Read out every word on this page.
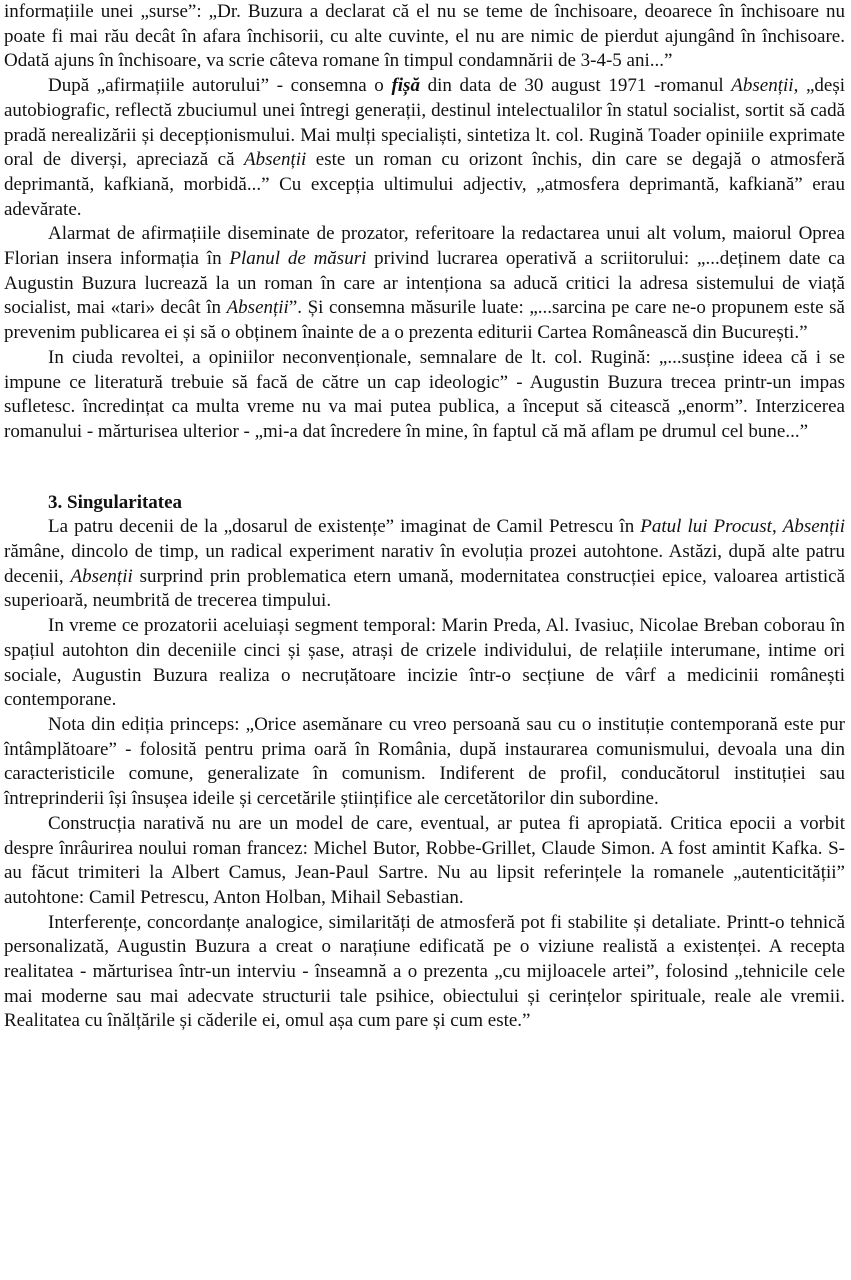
informațiile unei „surse”: „Dr. Buzura a declarat că el nu se teme de închisoare, deoarece în închisoare nu poate fi mai rău decât în afara închisorii, cu alte cuvinte, el nu are nimic de pierdut ajungând în închisoare. Odată ajuns în închisoare, va scrie câteva romane în timpul condamnării de 3-4-5 ani...”

După „afirmațiile autorului” - consemna o fișă din data de 30 august 1971 -romanul Absenții, „deși autobiografic, reflectă zbuciumul unei întregi generații, destinul intelectualilor în statul socialist, sortit să cadă pradă nerealizării și decepționismului. Mai mulți specialiști, sintetiza lt. col. Rugină Toader opiniile exprimate oral de diverși, apreciază că Absenții este un roman cu orizont închis, din care se degajă o atmosferă deprimantă, kafkiană, morbidă...” Cu excepția ultimului adjectiv, „atmosfera deprimantă, kafkiană” erau adevărate.

Alarmat de afirmațiile diseminate de prozator, referitoare la redactarea unui alt volum, maiorul Oprea Florian insera informația în Planul de măsuri privind lucrarea operativă a scriitorului: „...deținem date ca Augustin Buzura lucrează la un roman în care ar intenționa sa aducă critici la adresa sistemului de viață socialist, mai «tari» decât în Absenții”. Și consemna măsurile luate: „...sarcina pe care ne-o propunem este să prevenim publicarea ei și să o obținem înainte de a o prezenta editurii Cartea Românească din București.”

In ciuda revoltei, a opiniilor neconvenționale, semnalare de lt. col. Rugină: „...susține ideea că i se impune ce literatură trebuie să facă de către un cap ideologic” - Augustin Buzura trecea printr-un impas sufletesc. încredințat ca multa vreme nu va mai putea publica, a început să citească „enorm”. Interzicerea romanului - mărturisea ulterior - „mi-a dat încredere în mine, în faptul că mă aflam pe drumul cel bune...”

3. Singularitatea

La patru decenii de la „dosarul de existențe” imaginat de Camil Petrescu în Patul lui Procust, Absenții rămâne, dincolo de timp, un radical experiment narativ în evoluția prozei autohtone. Astăzi, după alte patru decenii, Absenții surprind prin problematica etern umană, modernitatea construcției epice, valoarea artistică superioară, neumbrită de trecerea timpului.

In vreme ce prozatorii aceluiași segment temporal: Marin Preda, Al. Ivasiuc, Nicolae Breban coborau în spațiul autohton din deceniile cinci și șase, atrași de crizele individului, de relațiile interumane, intime ori sociale, Augustin Buzura realiza o necruțătoare incizie într-o secțiune de vârf a medicinii românești contemporane.

Nota din ediția princeps: „Orice asemănare cu vreo persoană sau cu o instituție contemporană este pur întâmplătoare” - folosită pentru prima oară în România, după instaurarea comunismului, devoala una din caracteristicile comune, generalizate în comunism. Indiferent de profil, conducătorul instituției sau întreprinderii își însușea ideile și cercetările științifice ale cercetătorilor din subordine.

Construcția narativă nu are un model de care, eventual, ar putea fi apropiată. Critica epocii a vorbit despre înrâurirea noului roman francez: Michel Butor, Robbe-Grillet, Claude Simon. A fost amintit Kafka. S-au făcut trimiteri la Albert Camus, Jean-Paul Sartre. Nu au lipsit referințele la romanele „autenticității” autohtone: Camil Petrescu, Anton Holban, Mihail Sebastian.

Interferențe, concordanțe analogice, similarități de atmosferă pot fi stabilite și detaliate. Printt-o tehnică personalizată, Augustin Buzura a creat o narațiune edificată pe o viziune realistă a existenței. A recepta realitatea - mărturisea într-un interviu - înseamnă a o prezenta „cu mijloacele artei”, folosind „tehnicile cele mai moderne sau mai adecvate structurii tale psihice, obiectului și cerințelor spirituale, reale ale vremii. Realitatea cu înălțările și căderile ei, omul așa cum pare și cum este.”
